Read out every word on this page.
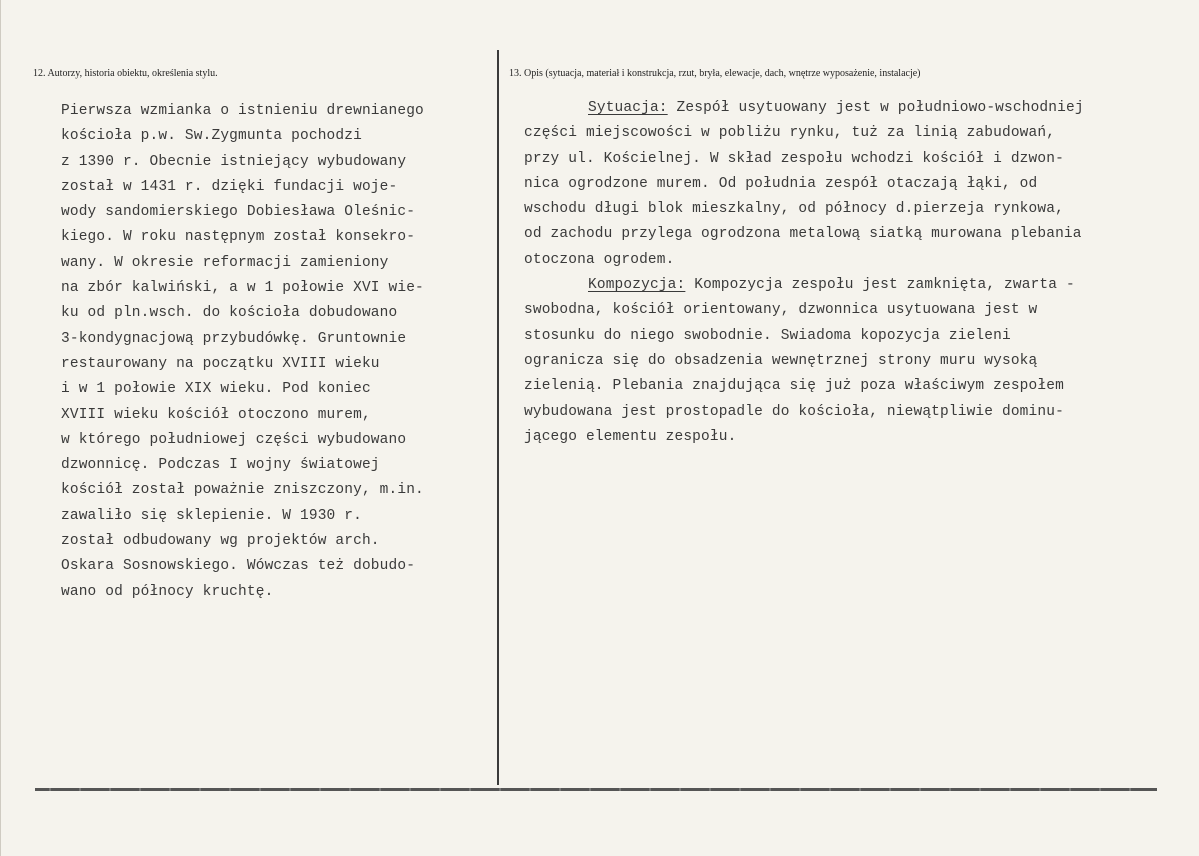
12. Autorzy, historia obiektu, określenia stylu.	13. Opis (sytuacja, materiał i konstrukcja, rzut, bryła, elewacje, dach, wnętrze wyposażenie, instalacje)
Pierwsza wzmianka o istnieniu drewnianego
kościoła p.w. Sw.Zygmunta pochodzi
z 1390 r. Obecnie istniejący wybudowany
został w 1431 r. dzięki fundacji woje-
wody sandomierskiego Dobiesława Oleśnic-
kiego. W roku następnym został konsekro-
wany. W okresie reformacji zamieniony
na zbór kalwiński, a w 1 połowie XVI wie-
ku od pln.wsch. do kościoła dobudowano
3-kondygnacjową przybudówkę. Gruntownie
restaurowany na początku XVIII wieku
i w 1 połowie XIX wieku. Pod koniec
XVIII wieku kościół otoczono murem,
w którego południowej części wybudowano
dzwonnicę. Podczas I wojny światowej
kościół został poważnie zniszczony, m.in.
zawaliło się sklepienie. W 1930 r.
został odbudowany wg projektów arch.
Oskara Sosnowskiego. Wówczas też dobudo-
wano od północy kruchtę.
Sytuacja: Zespół usytuowany jest w południowo-wschodniej
części miejscowości w pobliżu rynku, tuż za linią zabudowań,
przy ul. Kościelnej. W skład zespołu wchodzi kościół i dzwon-
nica ogrodzone murem. Od południa zespół otaczają łąki, od
wschodu długi blok mieszkalny, od północy d.pierzeja rynkowa,
od zachodu przylega ogrodzona metalową siatką murowana plebania
otoczona ogrodem.
Kompozycja: Kompozycja zespołu jest zamknięta, zwarta -
swobodna, kościół orientowany, dzwonnica usytuowana jest w
stosunku do niego swobodnie. Swiadoma kopozycja zieleni
ogranicza się do obsadzenia wewnętrznej strony muru wysoką
zielenią. Plebania znajdująca się już poza właściwym zespołem
wybudowana jest prostopadle do kościoła, niewątpliwie dominu-
jącego elementu zespołu.
